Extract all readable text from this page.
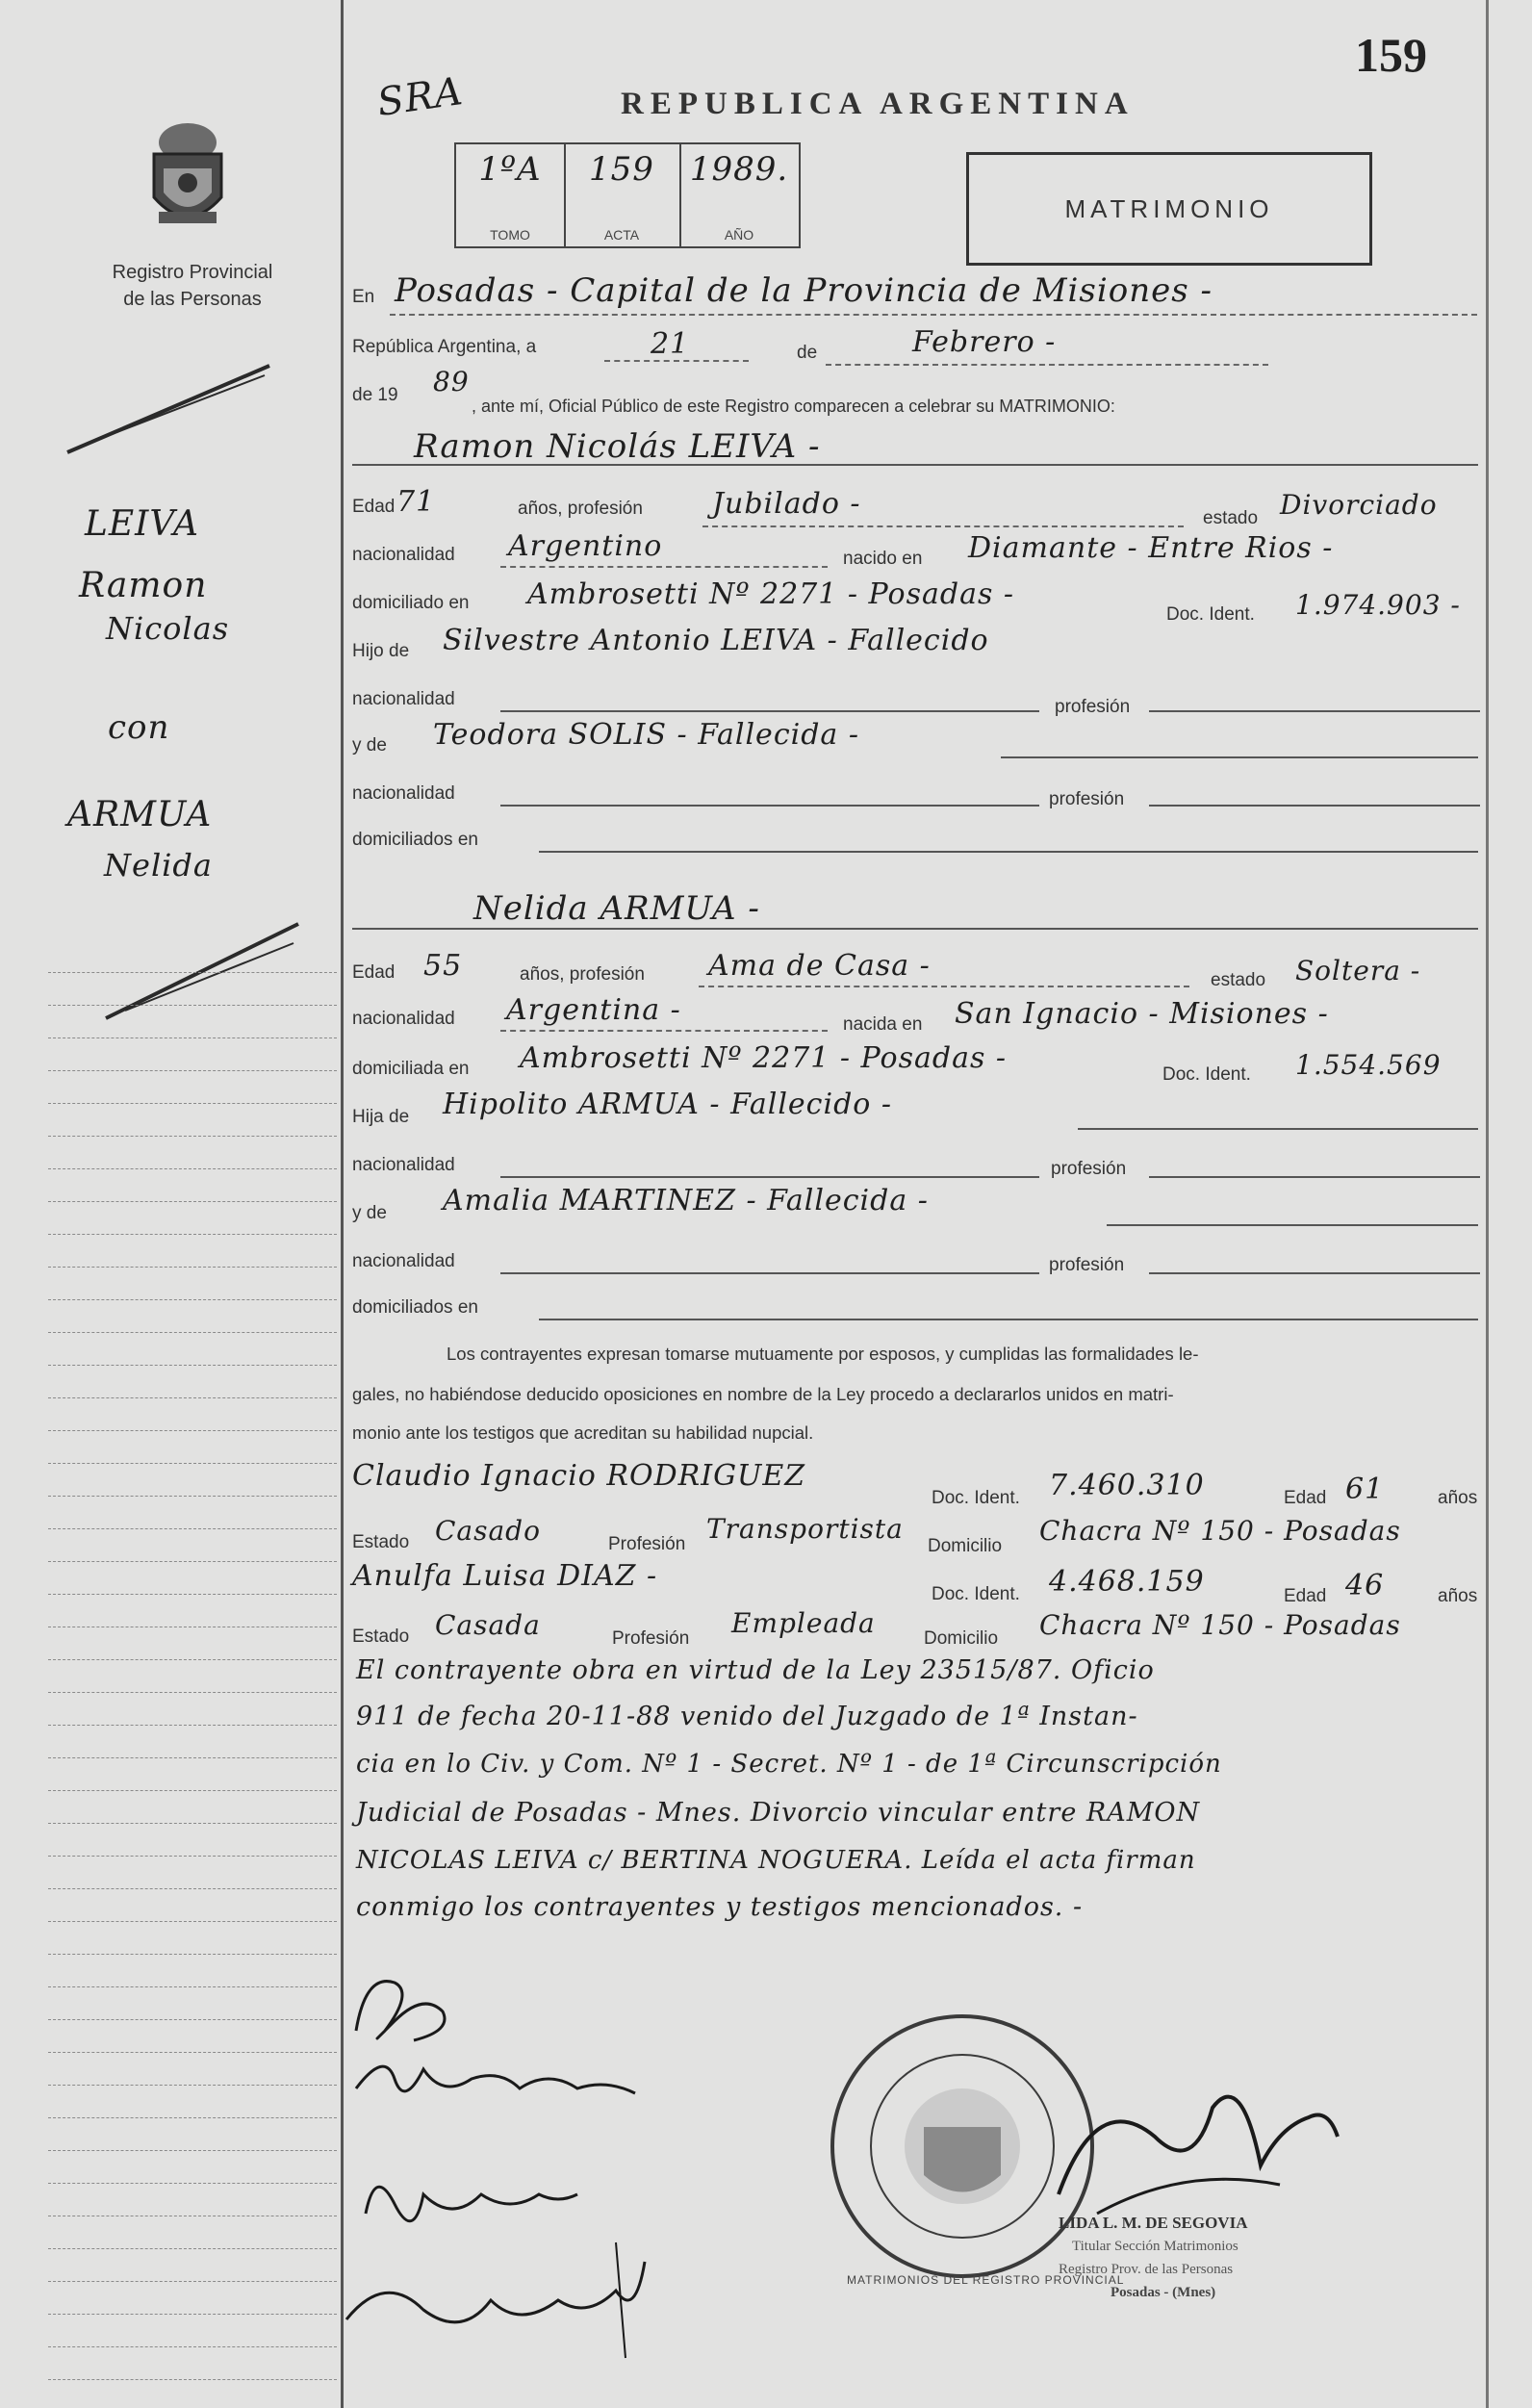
Registro Provincial
de las Personas
SRA	REPUBLICA ARGENTINA
159
1ºA
TOMO
159
ACTA
1989.
AÑO
MATRIMONIO
En Posadas - Capital de la Provincia de Misiones -
República Argentina, a	21	de	Febrero -
de 19 89
, ante mí, Oficial Público de este Registro comparecen a celebrar su MATRIMONIO:
Ramon Nicolás LEIVA -
Edad 71	años, profesión Jubilado -	estado Divorciado
nacionalidad Argentino	nacido en Diamante - Entre Rios -
domiciliado en Ambrosetti Nº 2271 - Posadas -
Doc. Ident. 1.974.903 -
Hijo de Silvestre Antonio LEIVA - Fallecido
nacionalidad	profesión
y de Teodora SOLIS - Fallecida -
nacionalidad	profesión
domiciliados en
Nelida ARMUA -
Edad 55	años, profesión Ama de Casa -	estado Soltera -
nacionalidad Argentina -	nacida en San Ignacio - Misiones -
domiciliada en Ambrosetti Nº 2271 - Posadas -	Doc. Ident. 1.554.569
Hija de Hipolito ARMUA - Fallecido -
nacionalidad	profesión
y de Amalia MARTINEZ - Fallecida -
nacionalidad	profesión
domiciliados en
Los contrayentes expresan tomarse mutuamente por esposos, y cumplidas las formalidades le-
gales, no habiéndose deducido oposiciones en nombre de la Ley procedo a declararlos unidos en matri-
monio ante los testigos que acreditan su habilidad nupcial.
Claudio Ignacio RODRIGUEZ
Doc. Ident. 7.460.310	Edad 61	años
Estado Casado	Profesión Transportista
Domicilio Chacra Nº 150 - Posadas
Anulfa Luisa DIAZ -
Doc. Ident. 4.468.159	Edad 46	años
Estado Casada	Profesión Empleada	Domicilio Chacra Nº 150 - Posadas
El contrayente obra en virtud de la Ley 23515/87. Oficio
911 de fecha 20-11-88 venido del Juzgado de 1ª Instan-
cia en lo Civ. y Com. Nº 1 - Secret. Nº 1 - de 1ª Circunscripción
Judicial de Posadas - Mnes. Divorcio vincular entre RAMON
NICOLAS LEIVA c/ BERTINA NOGUERA. Leída el acta firman
conmigo los contrayentes y testigos mencionados. -
LEIVA
Ramon
Nicolas
con
ARMUA
Nelida
MATRIMONIOS DEL REGISTRO PROVINCIAL
LIDA L. M. DE SEGOVIA
Titular Sección Matrimonios
Registro Prov. de las Personas
Posadas - (Mnes)
